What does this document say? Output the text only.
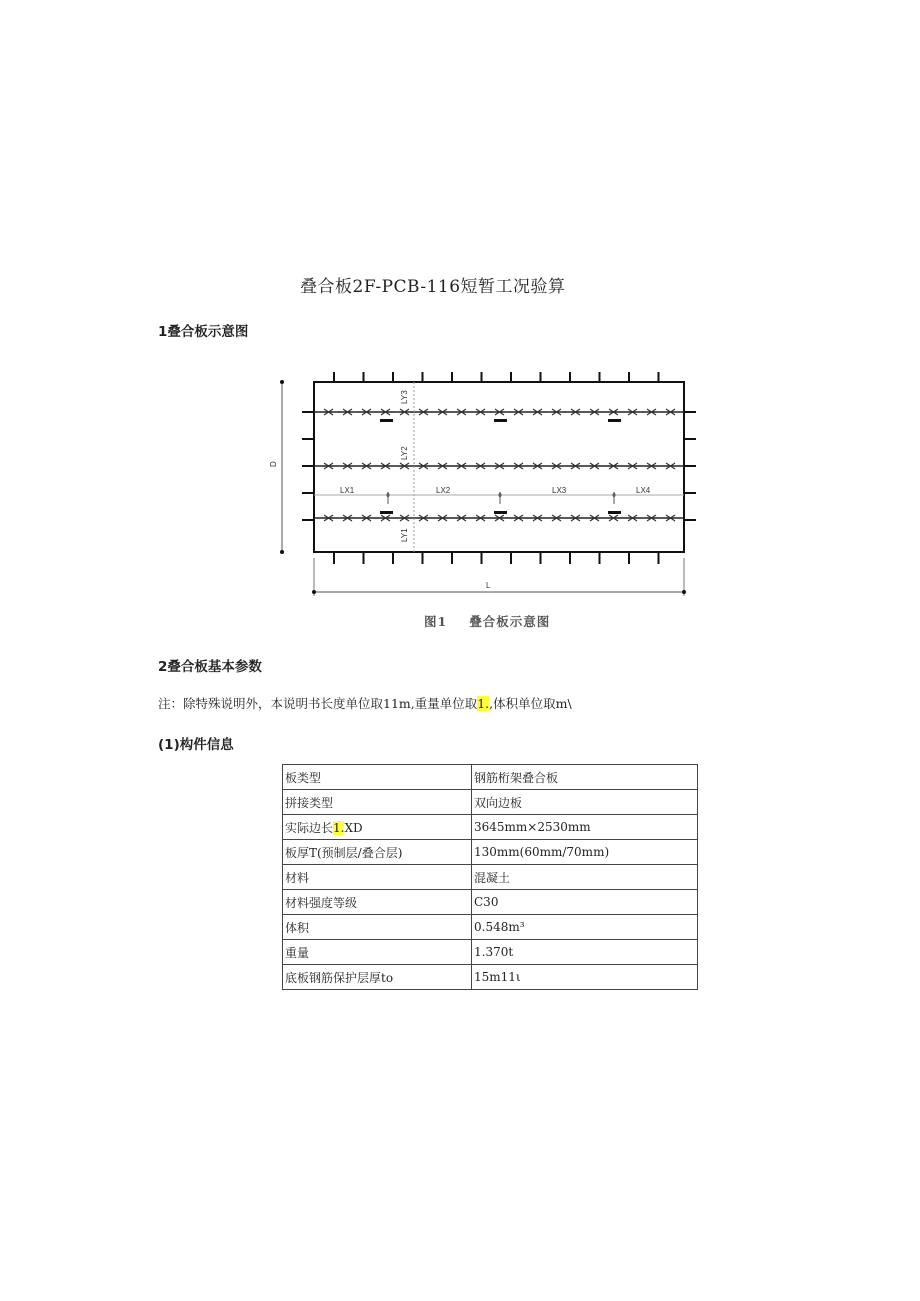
叠合板2F-PCB-116短暂工况验算
1叠合板示意图
LY3
LY2
LY1
LX1	LX2	LX3	LX4
D
L
图1 叠合板示意图
2叠合板基本参数
注：除特殊说明外，本说明书长度单位取11m,重量单位取1.,体积单位取m\
(1)构件信息
板类型	钢筋桁架叠合板
拼接类型	双向边板
实际边长1.XD	3645mm×2530mm
板厚T(预制层/叠合层)	130mm(60mm/70mm)
材料	混凝土
材料强度等级	C30
体积	0.548m³
重量	1.370t
底板钢筋保护层厚to	15m11ι
